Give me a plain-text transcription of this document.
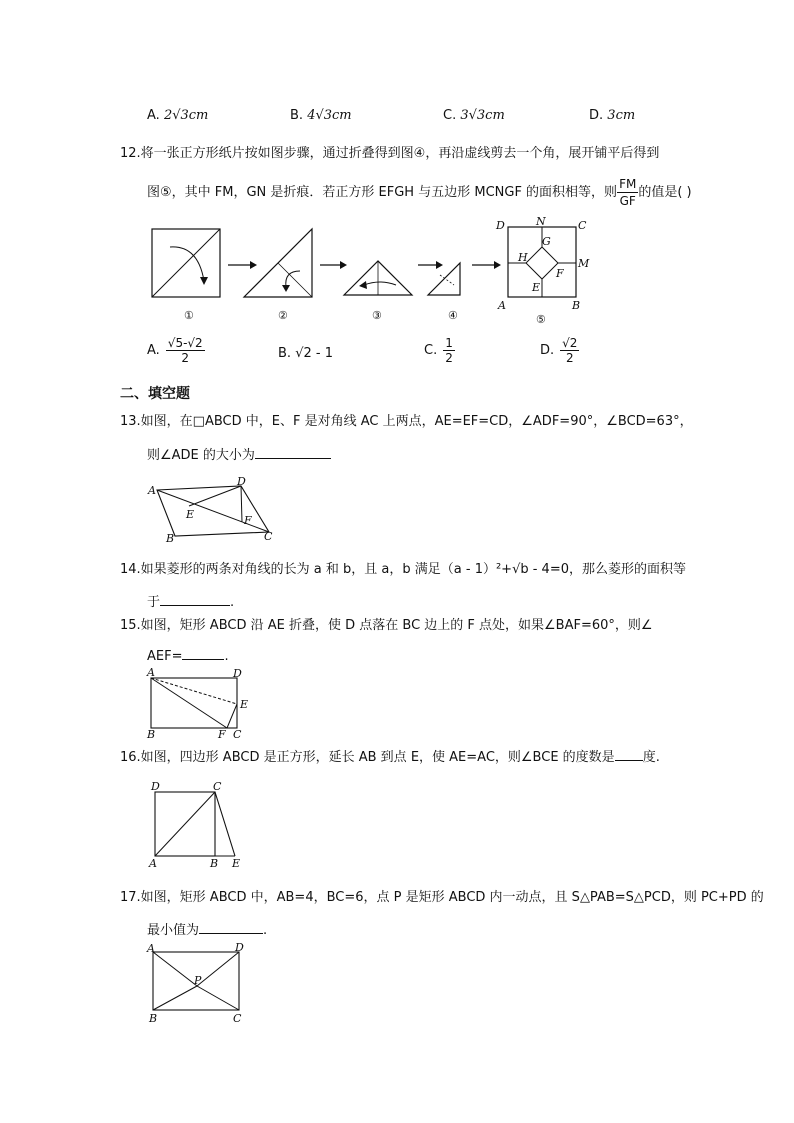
A. 2√3cm	B. 4√3cm	C. 3√3cm	D. 3cm
12.将一张正方形纸片按如图步骤，通过折叠得到图④，再沿虚线剪去一个角，展开铺平后得到
图⑤，其中 FM，GN 是折痕．若正方形 EFGH 与五边形 MCNGF 的面积相等，则 $\frac{FM}{GF}$ 的值是( )
①	②	③	④
D	N	C
G
H	M
F
E
A	B
⑤
A. $\frac{√5-√2}{2}$	B. √2 - 1	C. $\frac{1}{2}$	D. $\frac{√2}{2}$
二、填空题
13.如图，在□ABCD 中，E、F 是对角线 AC 上两点，AE=EF=CD，∠ADF=90°，∠BCD=63°，
则∠ADE 的大小为
A
D
E	F
B	C
14.如果菱形的两条对角线的长为 a 和 b，且 a，b 满足（a - 1）²+√b - 4=0，那么菱形的面积等
于	.
15.如图，矩形 ABCD 沿 AE 折叠，使 D 点落在 BC 边上的 F 点处，如果∠BAF=60°，则∠
AEF=	.
A	D
E
B	F C
16.如图，四边形 ABCD 是正方形，延长 AB 到点 E，使 AE=AC，则∠BCE 的度数是 度.
D	C
A	B E
17.如图，矩形 ABCD 中，AB=4，BC=6，点 P 是矩形 ABCD 内一动点，且 S△PAB=S△PCD，则 PC+PD 的
最小值为	.
A	D
P
B	C
